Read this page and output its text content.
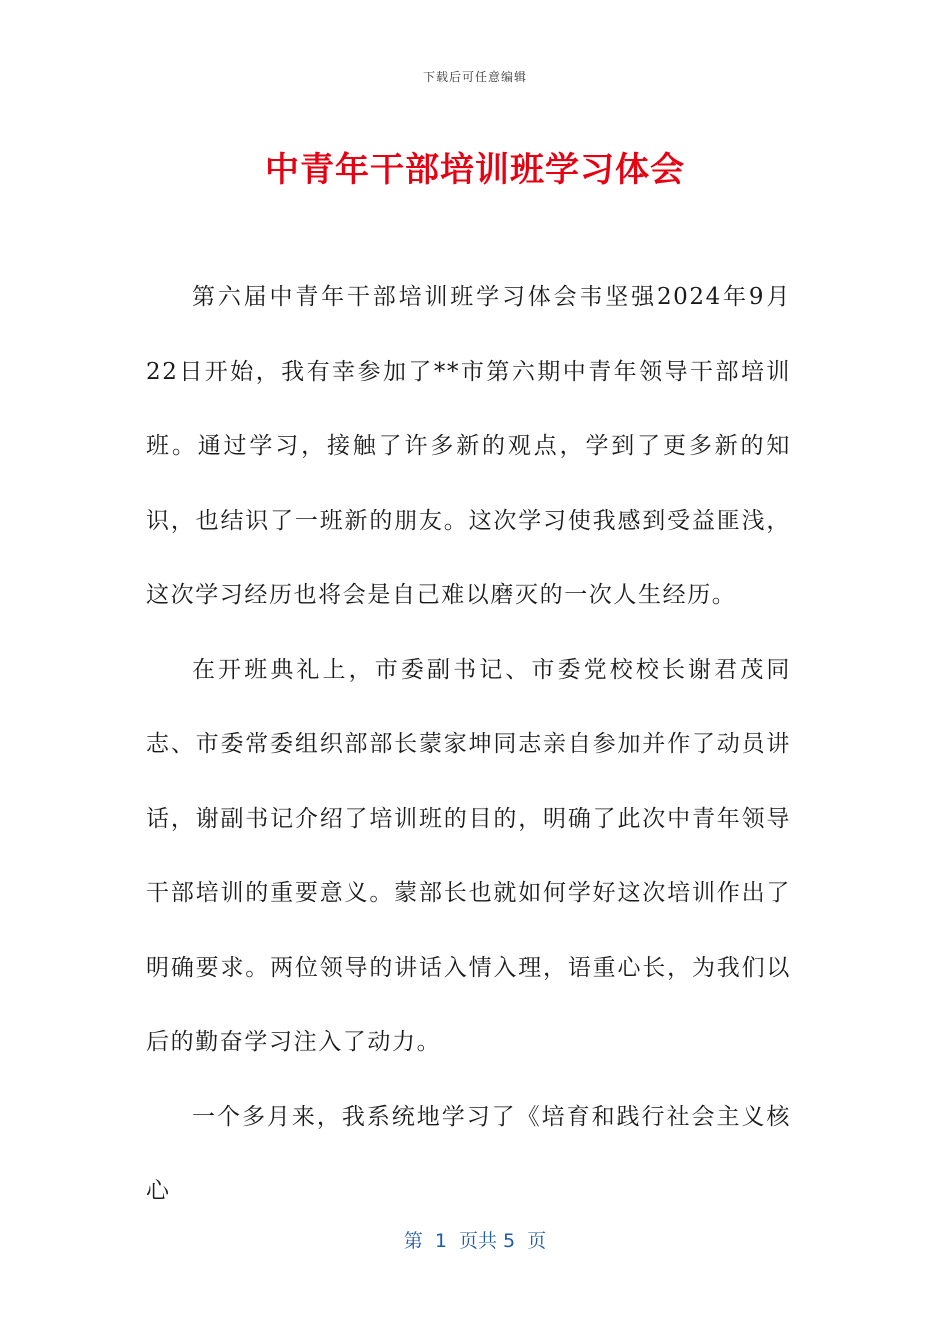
下载后可任意编辑
中青年干部培训班学习体会

第六届中青年干部培训班学习体会韦坚强2024年9月22日开始，我有幸参加了**市第六期中青年领导干部培训班。通过学习，接触了许多新的观点，学到了更多新的知识，也结识了一班新的朋友。这次学习使我感到受益匪浅，这次学习经历也将会是自己难以磨灭的一次人生经历。

在开班典礼上，市委副书记、市委党校校长谢君茂同志、市委常委组织部部长蒙家坤同志亲自参加并作了动员讲话，谢副书记介绍了培训班的目的，明确了此次中青年领导干部培训的重要意义。蒙部长也就如何学好这次培训作出了明确要求。两位领导的讲话入情入理，语重心长，为我们以后的勤奋学习注入了动力。

一个多月来，我系统地学习了《培育和践行社会主义核心

第  1  页共 5  页
